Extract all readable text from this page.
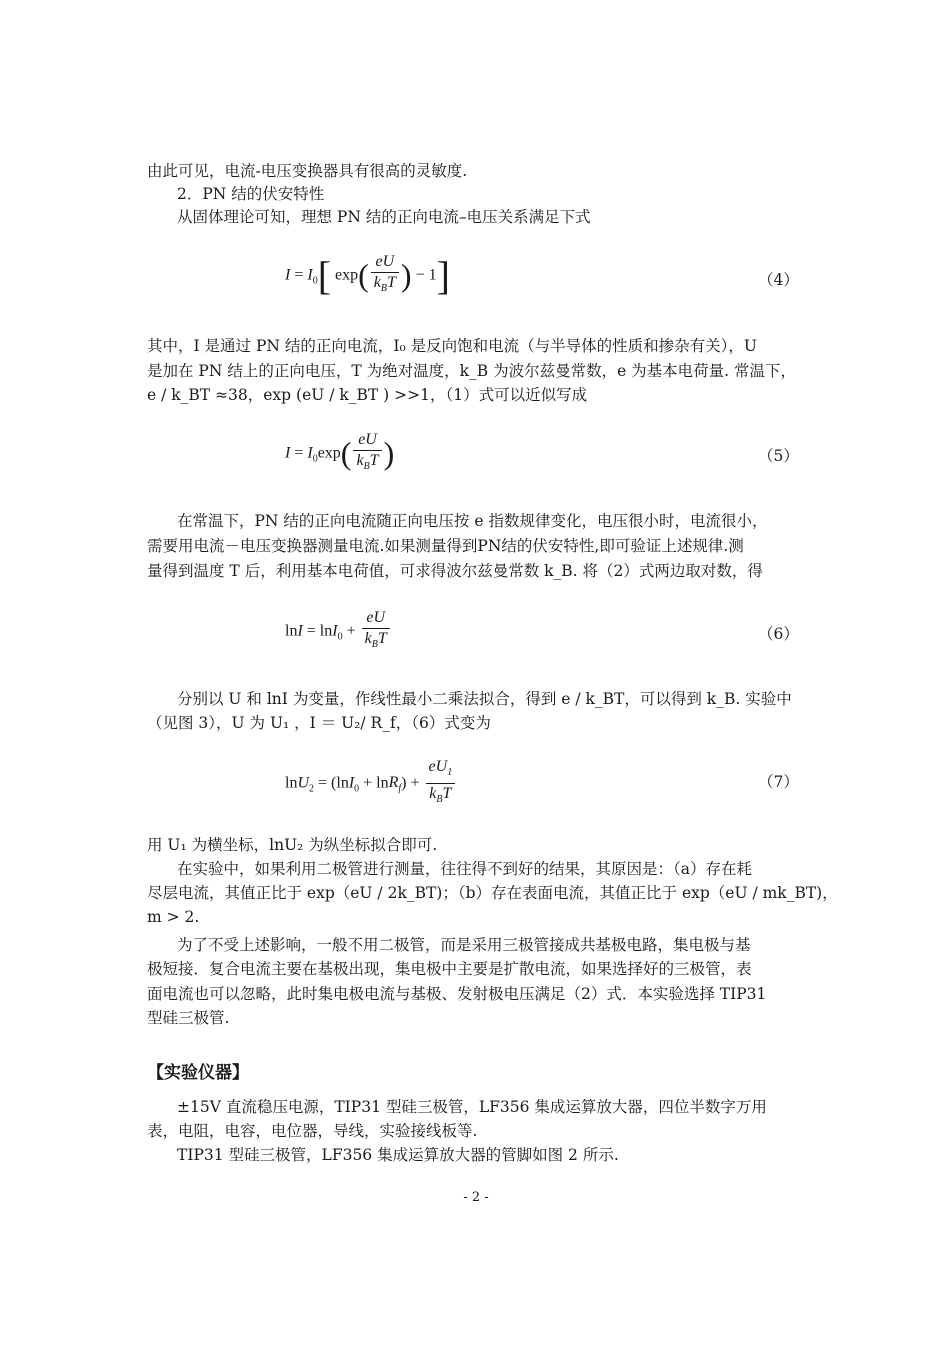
由此可见，电流-电压变换器具有很高的灵敏度.
2．PN 结的伏安特性
从固体理论可知，理想 PN 结的正向电流–电压关系满足下式
$I = I_0$[ $\exp( \frac{eU}{k_BT}$ ) − 1]	（4）
其中，I 是通过 PN 结的正向电流，I₀ 是反向饱和电流（与半导体的性质和掺杂有关），U
是加在 PN 结上的正向电压，T 为绝对温度，k_B 为波尔兹曼常数，e 为基本电荷量. 常温下，
e / k_BT ≈38，exp (eU / k_BT ) >>1，（1）式可以近似写成
$I = I_0\exp( \frac{eU}{k_BT}$ )	（5）
在常温下，PN 结的正向电流随正向电压按 e 指数规律变化，电压很小时，电流很小，
需要用电流－电压变换器测量电流.如果测量得到PN结的伏安特性,即可验证上述规律.测
量得到温度 T 后，利用基本电荷值，可求得波尔兹曼常数 k_B. 将（2）式两边取对数，得
$\ln I = \ln I_0 + \frac{eU}{k_BT}$	（6）
分别以 U 和 lnI 为变量，作线性最小二乘法拟合，得到 e / k_BT，可以得到 k_B. 实验中
（见图 3），U 为 U₁ ，I ＝ U₂/ R_f，（6）式变为
$\ln U_2 = (\ln I_0 + \ln R_f) + \frac{eU_1}{k_BT}$	（7）
用 U₁ 为横坐标，lnU₂ 为纵坐标拟合即可.
在实验中，如果利用二极管进行测量，往往得不到好的结果，其原因是：（a）存在耗
尽层电流，其值正比于 exp（eU / 2k_BT)；（b）存在表面电流，其值正比于 exp（eU / mk_BT)，
m > 2.
为了不受上述影响，一般不用二极管，而是采用三极管接成共基极电路，集电极与基
极短接．复合电流主要在基极出现，集电极中主要是扩散电流，如果选择好的三极管，表
面电流也可以忽略，此时集电极电流与基极、发射极电压满足（2）式．本实验选择 TIP31
型硅三极管.
【实验仪器】
±15V 直流稳压电源，TIP31 型硅三极管，LF356 集成运算放大器，四位半数字万用
表，电阻，电容，电位器，导线，实验接线板等.
TIP31 型硅三极管，LF356 集成运算放大器的管脚如图 2 所示.
- 2 -
